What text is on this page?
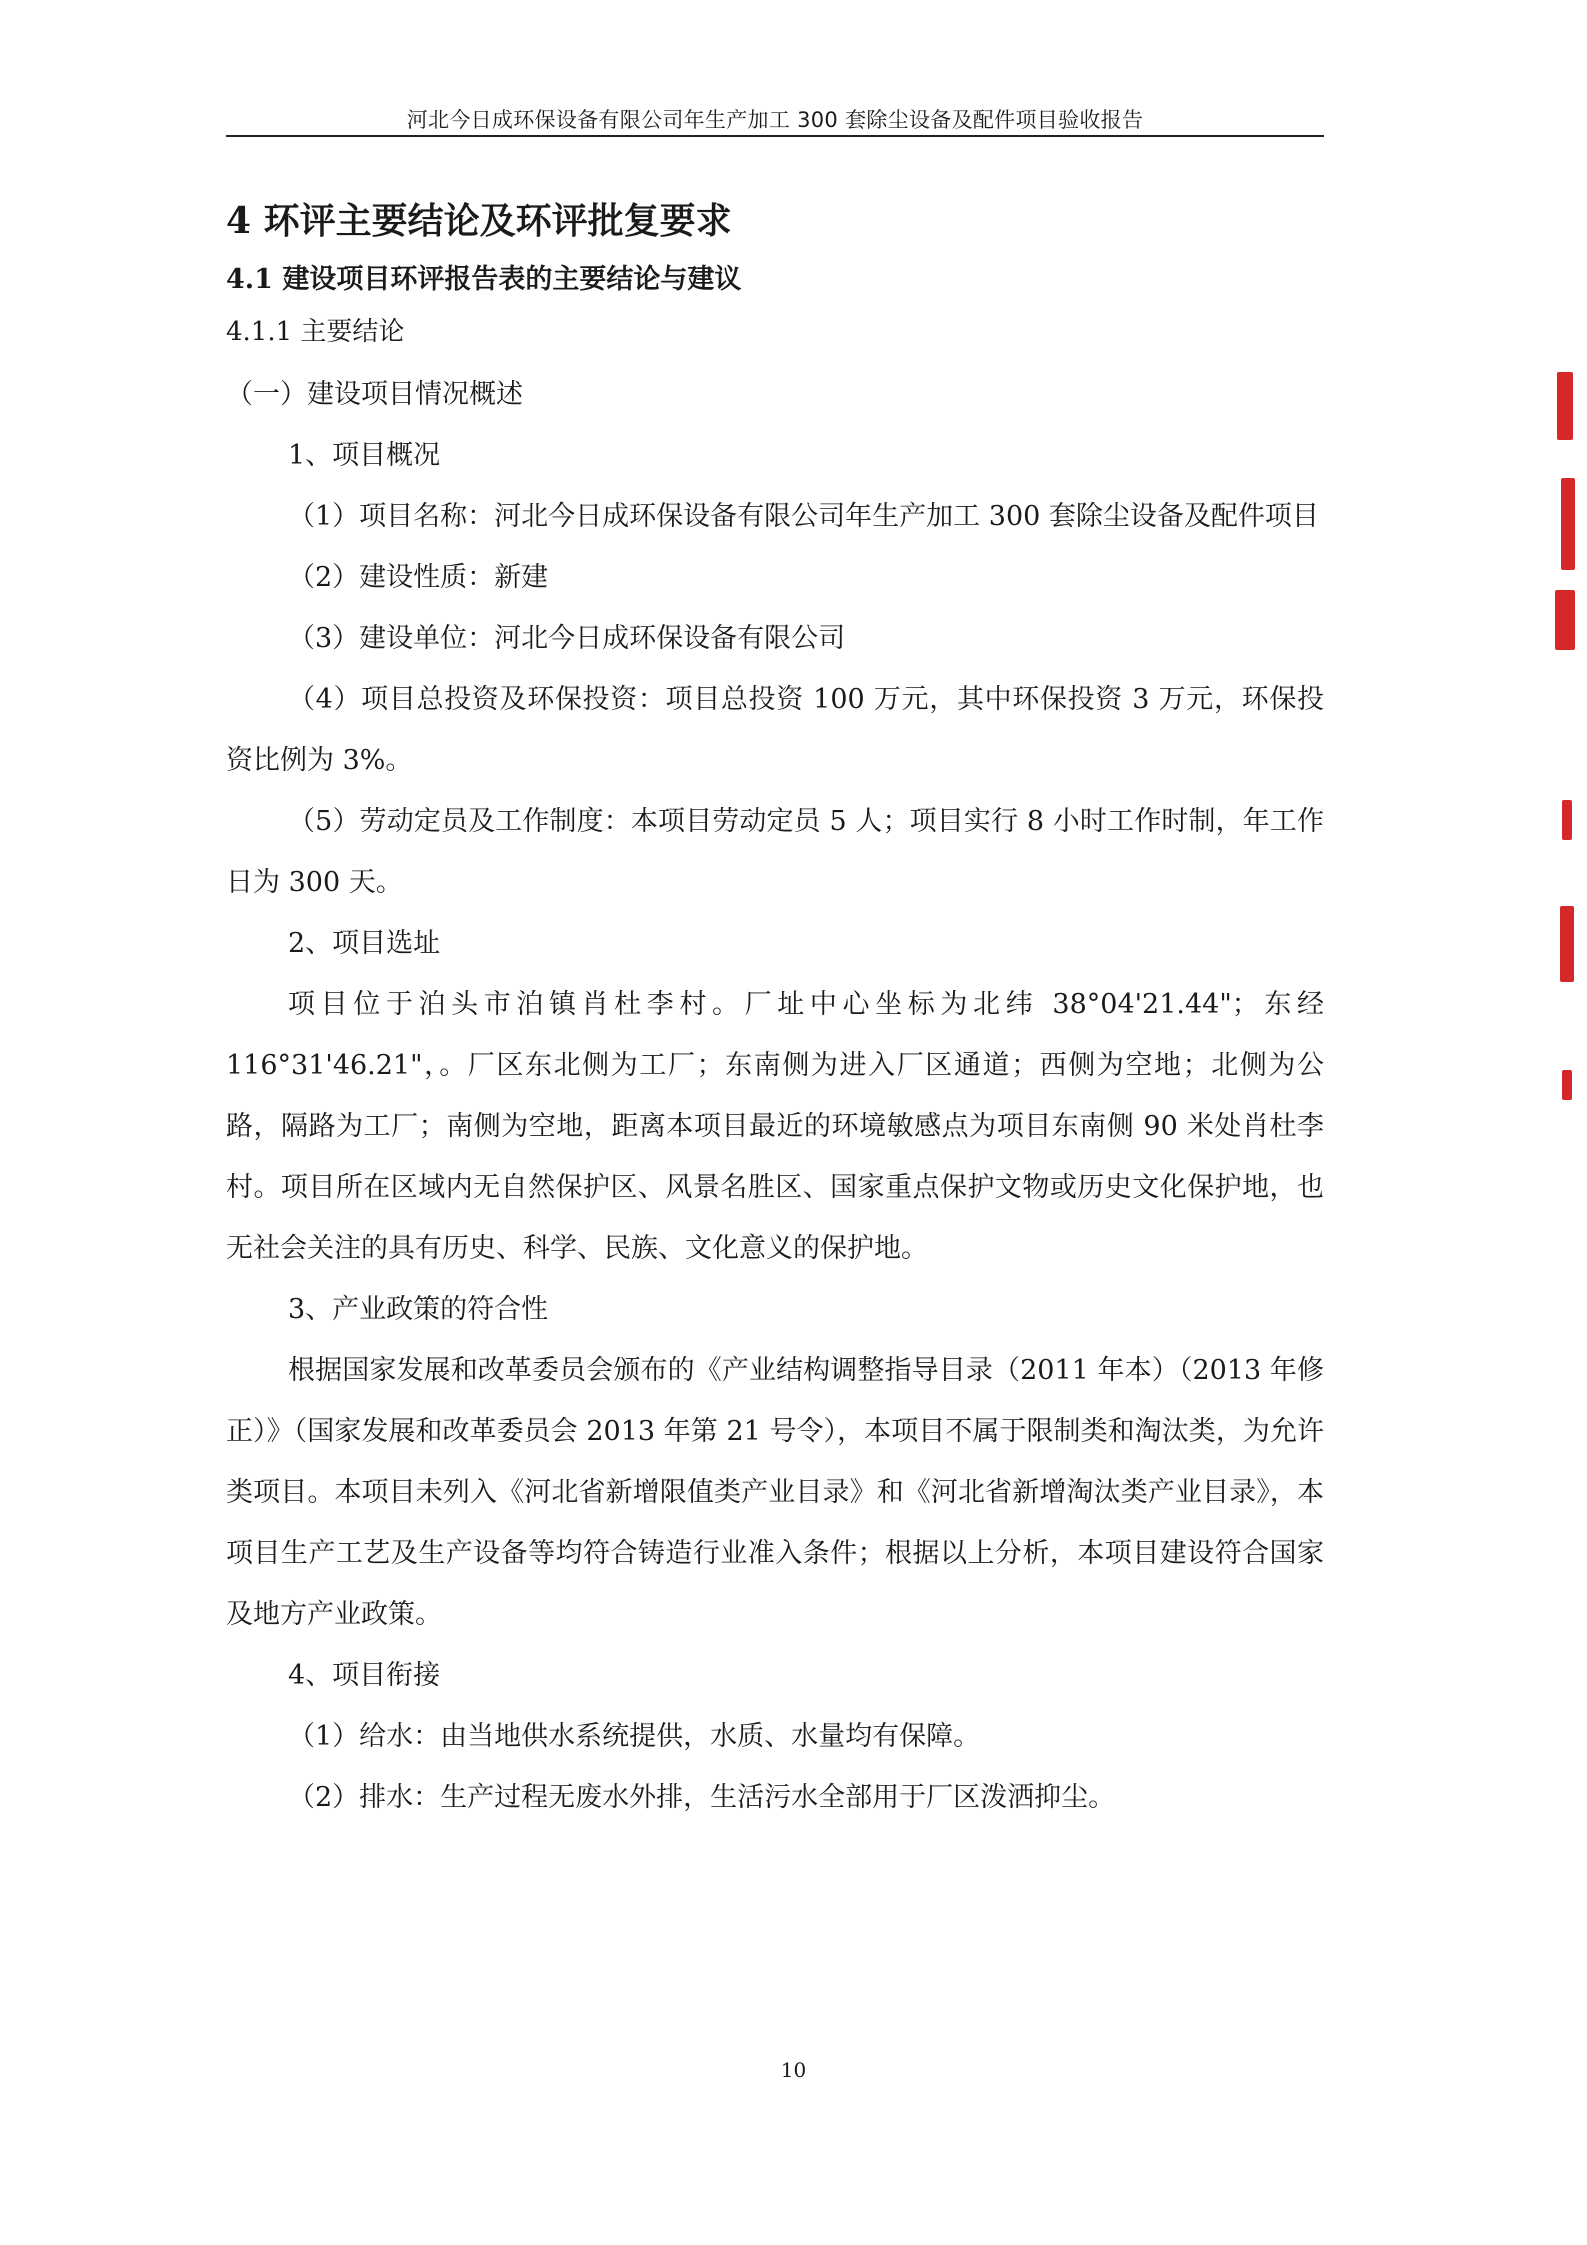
河北今日成环保设备有限公司年生产加工 300 套除尘设备及配件项目验收报告
4 环评主要结论及环评批复要求
4.1 建设项目环评报告表的主要结论与建议
4.1.1 主要结论

（一）建设项目情况概述

1、项目概况

（1）项目名称：河北今日成环保设备有限公司年生产加工 300 套除尘设备及配件项目

（2）建设性质：新建

（3）建设单位：河北今日成环保设备有限公司

（4）项目总投资及环保投资：项目总投资 100 万元，其中环保投资 3 万元，环保投资比例为 3%。

（5）劳动定员及工作制度：本项目劳动定员 5 人；项目实行 8 小时工作时制，年工作日为 300 天。

2、项目选址

项目位于泊头市泊镇肖杜李村。厂址中心坐标为北纬 38°04'21.44"；东经 116°31'46.21"，。厂区东北侧为工厂；东南侧为进入厂区通道；西侧为空地；北侧为公路，隔路为工厂；南侧为空地，距离本项目最近的环境敏感点为项目东南侧 90 米处肖杜李村。项目所在区域内无自然保护区、风景名胜区、国家重点保护文物或历史文化保护地，也无社会关注的具有历史、科学、民族、文化意义的保护地。

3、产业政策的符合性

根据国家发展和改革委员会颁布的《产业结构调整指导目录（2011 年本）（2013 年修正）》（国家发展和改革委员会 2013 年第 21 号令），本项目不属于限制类和淘汰类，为允许类项目。本项目未列入《河北省新增限值类产业目录》和《河北省新增淘汰类产业目录》，本项目生产工艺及生产设备等均符合铸造行业准入条件；根据以上分析，本项目建设符合国家及地方产业政策。

4、项目衔接

（1）给水：由当地供水系统提供，水质、水量均有保障。

（2）排水：生产过程无废水外排，生活污水全部用于厂区泼洒抑尘。

10
